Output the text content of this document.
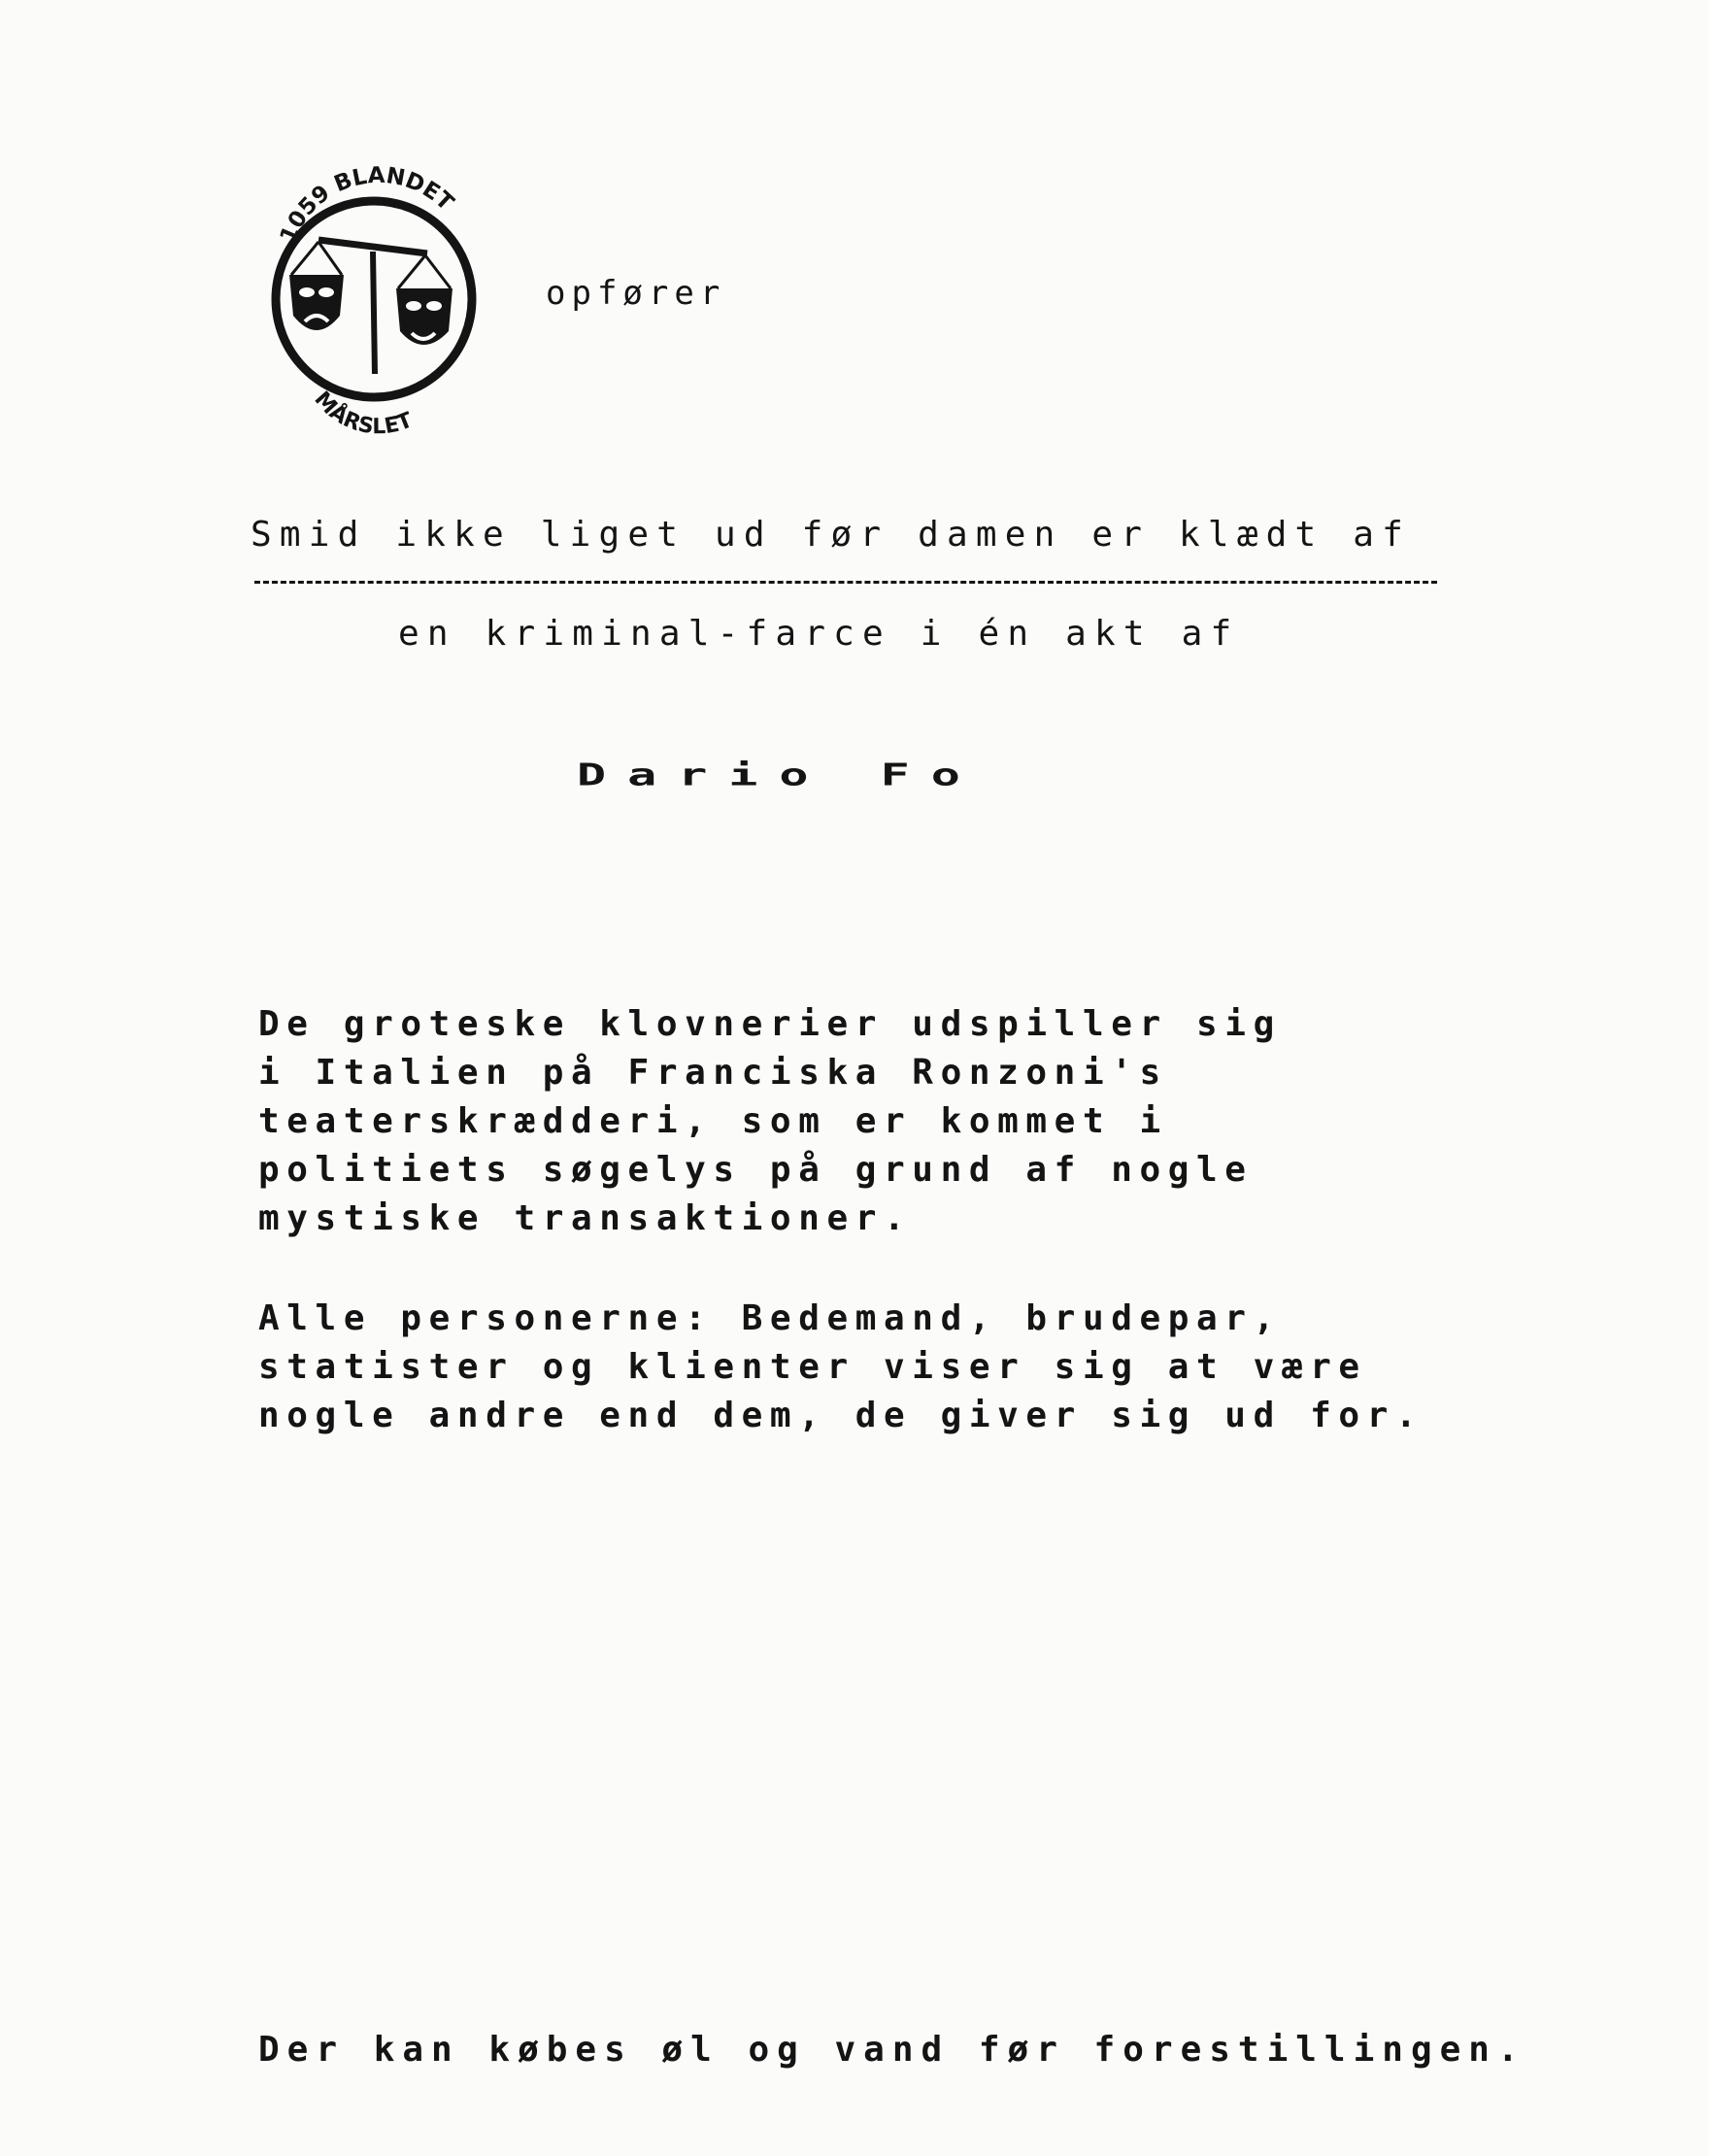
1059 BLANDET
MÅRSLET

opfører

Smid ikke liget ud før damen er klædt af

en kriminal-farce i én akt af

Dario Fo

De groteske klovnerier udspiller sig
i Italien på Franciska Ronzoni's
teaterskrædderi, som er kommet i
politiets søgelys på grund af nogle
mystiske transaktioner.
Alle personerne: Bedemand, brudepar,
statister og klienter viser sig at være
nogle andre end dem, de giver sig ud for.

Der kan købes øl og vand før forestillingen.
